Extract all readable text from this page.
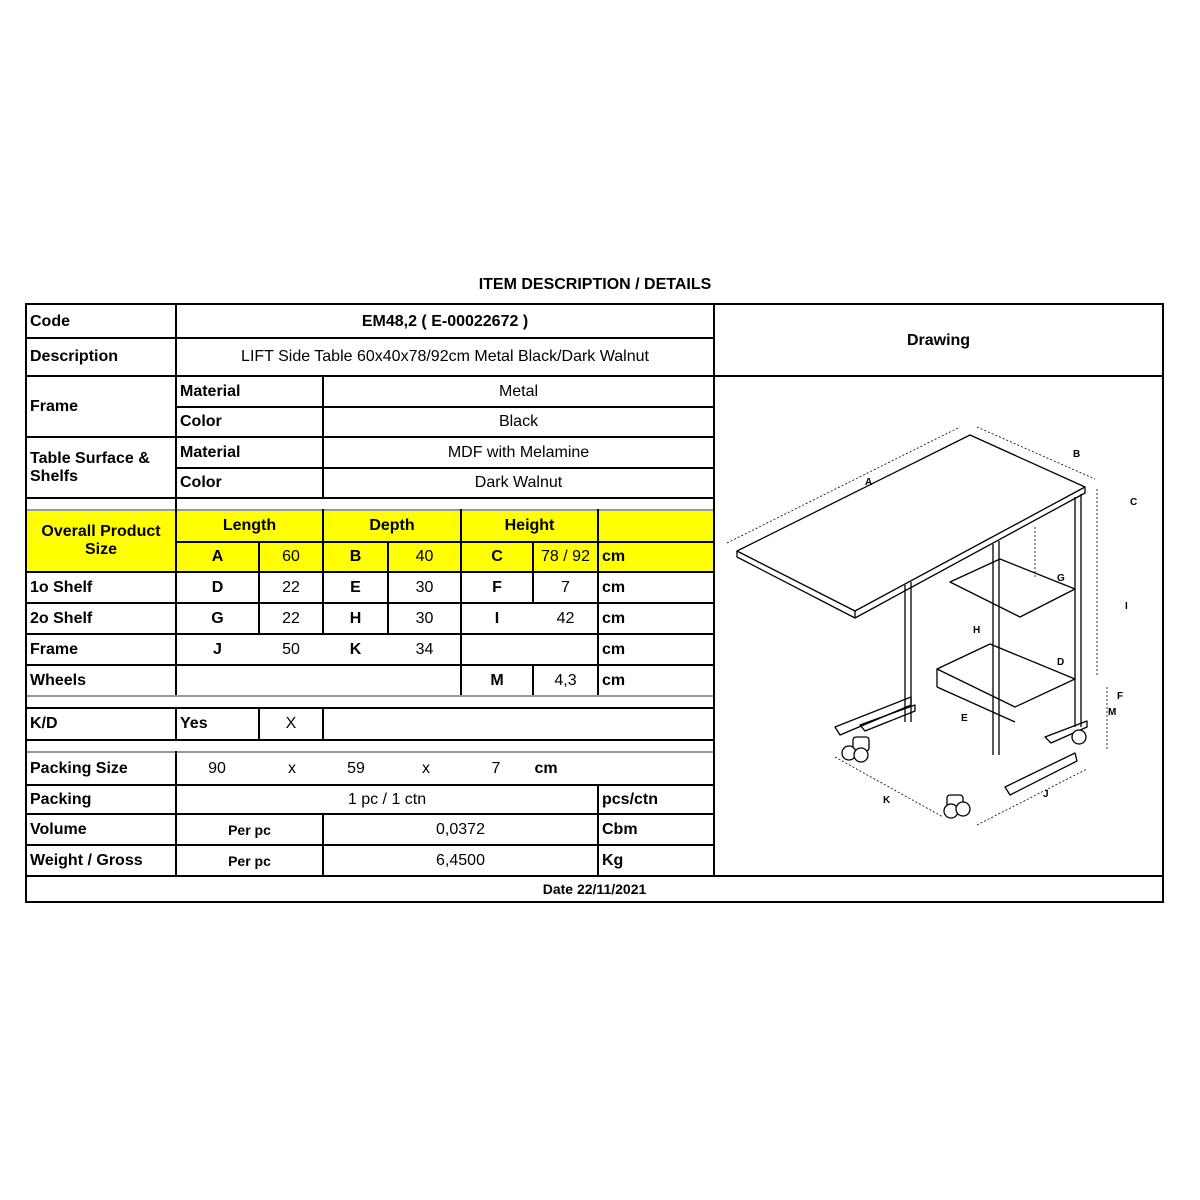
ITEM DESCRIPTION / DETAILS
Code	EM48,2 ( E-00022672 )
Description	LIFT Side Table 60x40x78/92cm Metal Black/Dark Walnut
Drawing
Frame
Material	Metal
Color	Black
Table Surface & Shelfs
Material	MDF with Melamine
Color	Dark Walnut
Overall Product Size
Length	Depth	Height
A	60	B	40	C	78 / 92 cm
1o Shelf	D	22	E	30	F	7	cm
2o Shelf	G	22	H	30	I	42	cm
Frame	J	50	K	34	cm
Wheels	M	4,3	cm
K/D	Yes	X
Packing Size	90	x	59	x	7	cm
Packing	1 pc / 1 ctn	pcs/ctn
Volume	Per pc	0,0372	Cbm
Weight / Gross	Per pc	6,4500	Kg
Date 22/11/2021
A
B
C
G
I
H
D
F
M
E
K
J
